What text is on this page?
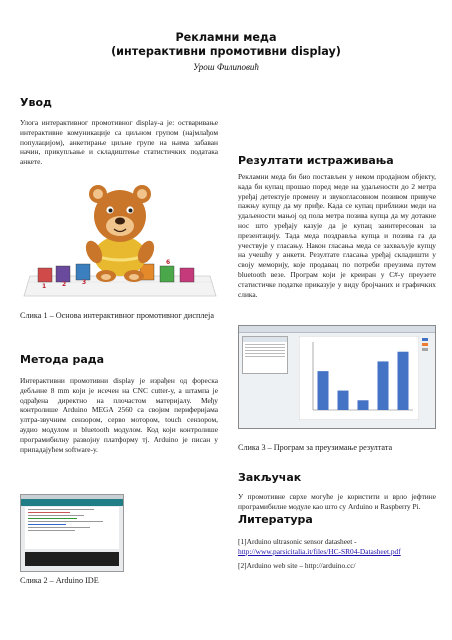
Рекламни меда
(интерактивни промотивни display)
Урош Филиповић
Увод
Улога интерактивног промотивног display-а је: остваривање интерактивне комуникације са циљном групом (најмлађом популацијом), анкетирање циљне групе на њима забаван начин, прикупљање и складиштење статистичких података анкете.
1	2	3
6
Слика 1 – Основа интерактивног промотивног дисплеја
Метода рада
Интерактивни промотивни display је израђен од фореска дебљине 8 mm који је исечен на CNC cutter-у, а штампа је одрађена директно на плочастом материјалу. Међу контролише Arduino MEGA 2560 са својим периферијама ултра-звучним сензором, серво мотором, touch сензором, аудио модулом и bluetooth модулом. Код који контролише програмибилну развојну платформу тј. Arduino је писан у припадајућем software-у.
Слика 2 – Arduino IDE
Резултати истраживања
Рекламни меда би био постављен у неком продајном објекту, када би купац прошао поред меде на удаљености до 2 метра уређај детектује промену и звукогласовном позивом привуче пажњу купцу да му приђе. Када се купац приближи меди на удаљености мањој од пола метра позива купца да му дотакне нос што уређају казује да је купац заинтересован за презентацију. Тада меда поздравља купца и позива га да учествује у гласању. Након гласања меда се захваљује купцу на учешћу у анкети. Резултате гласања уређај складишти у своју меморију, које продавац по потреби преузима путем bluetooth везе. Програм који је креиран у C#-у преузете статистичке податке приказује у виду бројчаних и графичких слика.
Слика 3 – Програм за преузимање резултата
Закључак
У промотивне сврхе могуће је користити и врло јефтине програмибилне модуле као што су Arduino и Raspberry Pi.
Литература
[1]Arduino ultrasonic sensor datasheet -
http://www.parsicitalia.it/files/HC-SR04-Datasheet.pdf
[2]Arduino web site – http://arduino.cc/
